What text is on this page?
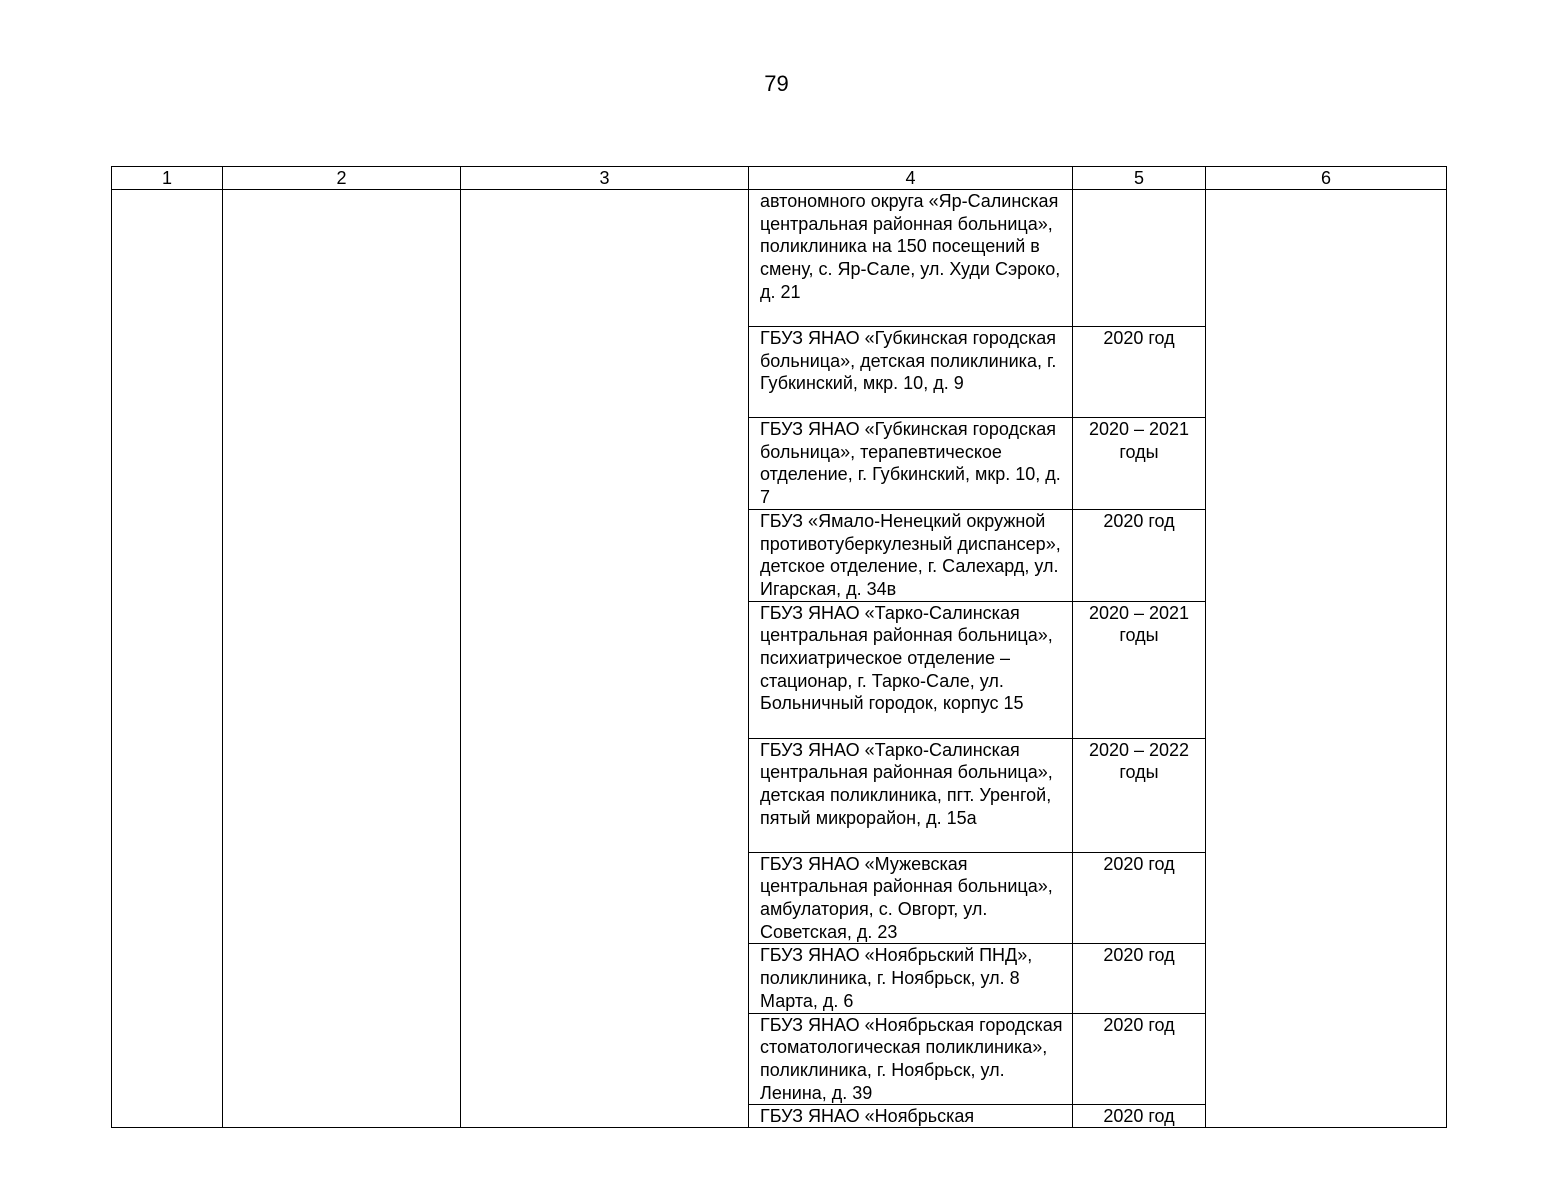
79
1	2	3	4	5	6
			автономного округа «Яр-Салинская центральная районная больница», поликлиника на 150 посещений в смену, с. Яр-Сале, ул. Худи Сэроко, д. 21		
			ГБУЗ ЯНАО «Губкинская городская больница», детская поликлиника, г. Губкинский, мкр. 10, д. 9	2020 год	
			ГБУЗ ЯНАО «Губкинская городская больница», терапевтическое отделение, г. Губкинский, мкр. 10, д. 7	2020 – 2021 годы	
			ГБУЗ «Ямало-Ненецкий окружной противотуберкулезный диспансер», детское отделение, г. Салехард, ул. Игарская, д. 34в	2020 год	
			ГБУЗ ЯНАО «Тарко-Салинская центральная районная больница», психиатрическое отделение – стационар, г. Тарко-Сале, ул. Больничный городок, корпус 15	2020 – 2021 годы	
			ГБУЗ ЯНАО «Тарко-Салинская центральная районная больница», детская поликлиника, пгт. Уренгой, пятый микрорайон, д. 15а	2020 – 2022 годы	
			ГБУЗ ЯНАО «Мужевская центральная районная больница», амбулатория, с. Овгорт, ул. Советская, д. 23	2020 год	
			ГБУЗ ЯНАО «Ноябрьский ПНД», поликлиника, г. Ноябрьск, ул. 8 Марта, д. 6	2020 год	
			ГБУЗ ЯНАО «Ноябрьская городская стоматологическая поликлиника», поликлиника, г. Ноябрьск, ул. Ленина, д. 39	2020 год	
			ГБУЗ ЯНАО «Ноябрьская	2020 год	
